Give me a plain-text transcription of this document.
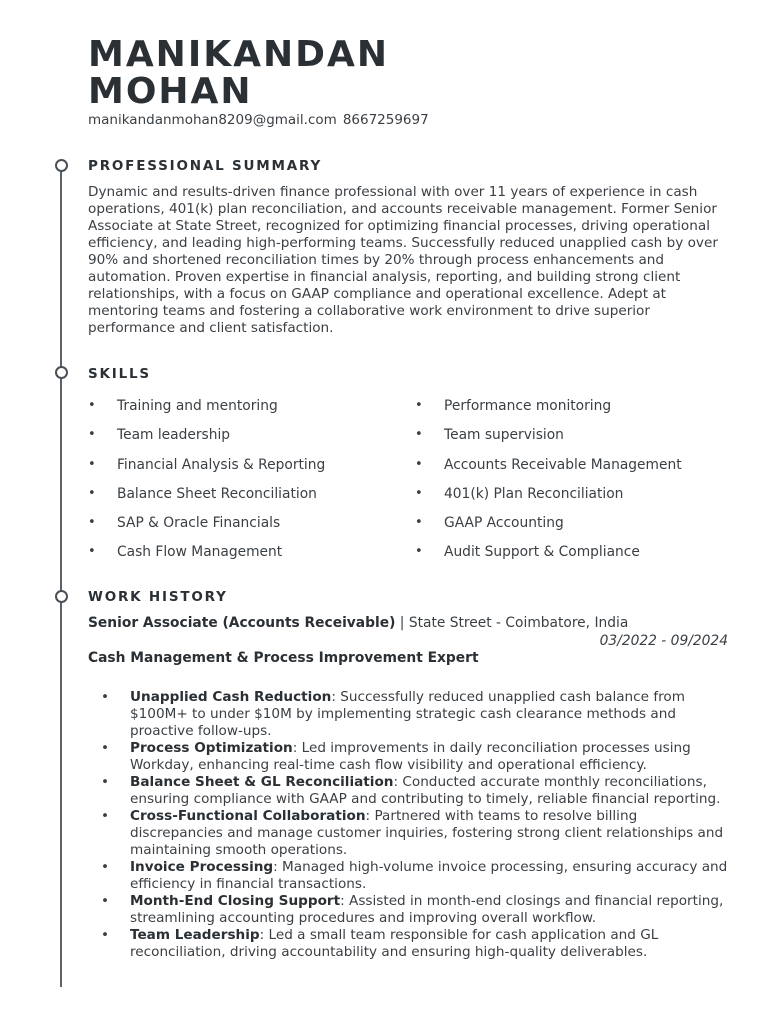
MANIKANDAN
MOHAN
manikandanmohan8209@gmail.com 8667259697
PROFESSIONAL SUMMARY
Dynamic and results-driven finance professional with over 11 years of experience in cash operations, 401(k) plan reconciliation, and accounts receivable management. Former Senior Associate at State Street, recognized for optimizing financial processes, driving operational efficiency, and leading high-performing teams. Successfully reduced unapplied cash by over 90% and shortened reconciliation times by 20% through process enhancements and automation. Proven expertise in financial analysis, reporting, and building strong client relationships, with a focus on GAAP compliance and operational excellence. Adept at mentoring teams and fostering a collaborative work environment to drive superior performance and client satisfaction.
SKILLS
• Training and mentoring	• Performance monitoring
• Team leadership	• Team supervision
• Financial Analysis & Reporting	• Accounts Receivable Management
• Balance Sheet Reconciliation	• 401(k) Plan Reconciliation
• SAP & Oracle Financials	• GAAP Accounting
• Cash Flow Management	• Audit Support & Compliance
WORK HISTORY
Senior Associate (Accounts Receivable) | State Street - Coimbatore, India
03/2022 - 09/2024
Cash Management & Process Improvement Expert
• Unapplied Cash Reduction: Successfully reduced unapplied cash balance from $100M+ to under $10M by implementing strategic cash clearance methods and proactive follow-ups.
• Process Optimization: Led improvements in daily reconciliation processes using Workday, enhancing real-time cash flow visibility and operational efficiency.
• Balance Sheet & GL Reconciliation: Conducted accurate monthly reconciliations, ensuring compliance with GAAP and contributing to timely, reliable financial reporting.
• Cross-Functional Collaboration: Partnered with teams to resolve billing discrepancies and manage customer inquiries, fostering strong client relationships and maintaining smooth operations.
• Invoice Processing: Managed high-volume invoice processing, ensuring accuracy and efficiency in financial transactions.
• Month-End Closing Support: Assisted in month-end closings and financial reporting, streamlining accounting procedures and improving overall workflow.
• Team Leadership: Led a small team responsible for cash application and GL reconciliation, driving accountability and ensuring high-quality deliverables.
